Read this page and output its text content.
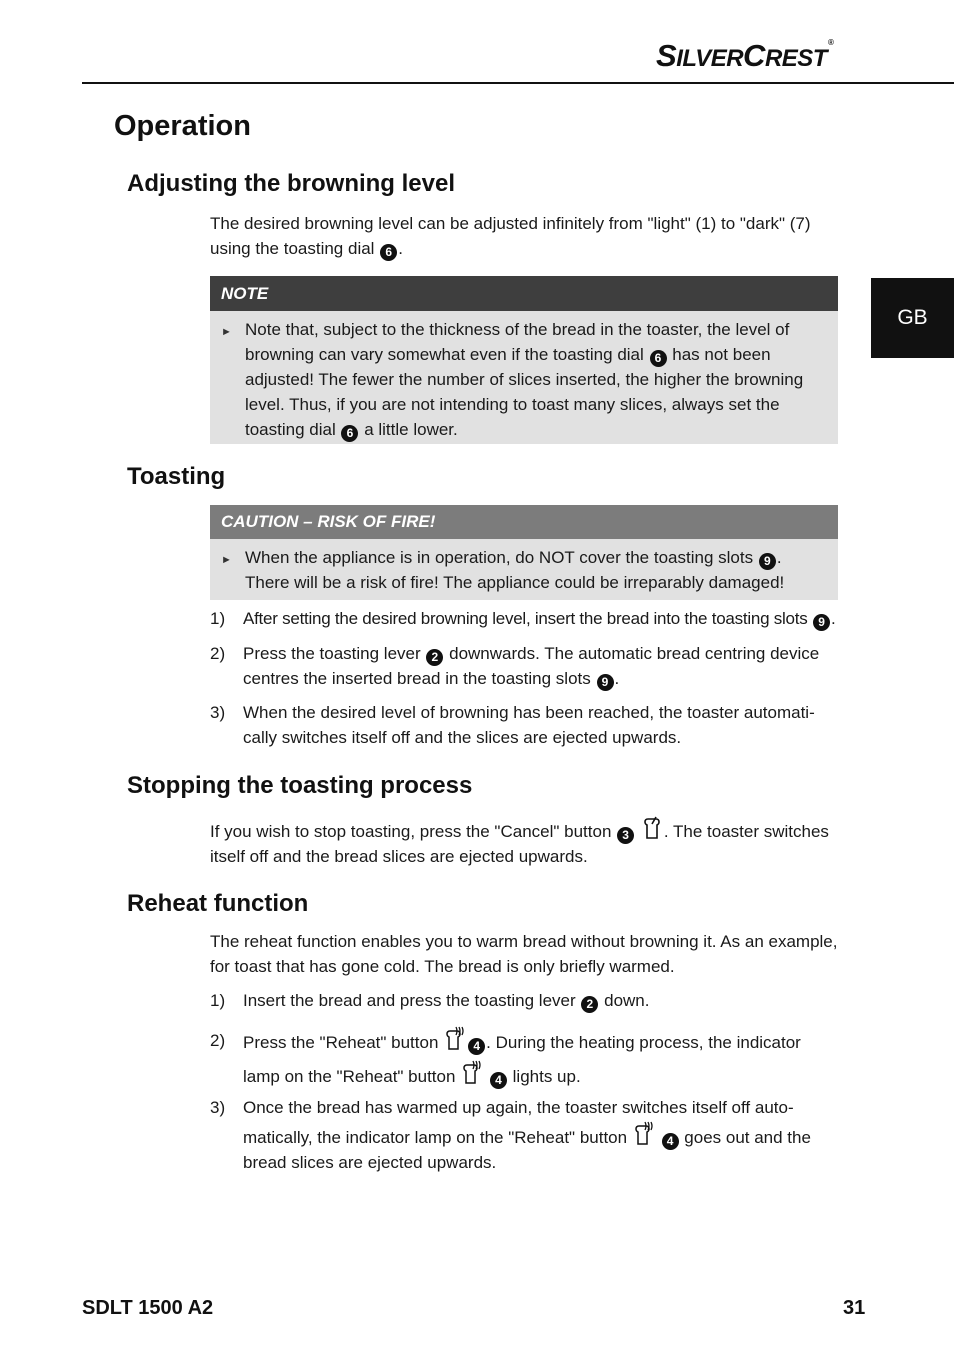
SILVERCREST®
GB
Operation
Adjusting the browning level
The desired browning level can be adjusted infinitely from "light" (1) to "dark" (7) using the toasting dial 6 .
NOTE
► Note that, subject to the thickness of the bread in the toaster, the level of browning can vary somewhat even if the toasting dial 6 has not been adjusted! The fewer the number of slices inserted, the higher the browning level. Thus, if you are not intending to toast many slices, always set the toasting dial 6 a little lower.
Toasting
CAUTION – RISK OF FIRE!
► When the appliance is in operation, do NOT cover the toasting slots 9 . There will be a risk of fire! The appliance could be irreparably damaged!
1) After setting the desired browning level, insert the bread into the toasting slots 9 .
2) Press the toasting lever 2 downwards. The automatic bread centring device centres the inserted bread in the toasting slots 9 .
3) When the desired level of browning has been reached, the toaster automati-cally switches itself off and the slices are ejected upwards.
Stopping the toasting process
If you wish to stop toasting, press the "Cancel" button 3 . The toaster switches itself off and the bread slices are ejected upwards.
Reheat function
The reheat function enables you to warm bread without browning it. As an example, for toast that has gone cold. The bread is only briefly warmed.
1) Insert the bread and press the toasting lever 2 down.
2) Press the "Reheat" button	4 . During the heating process, the indicator lamp on the "Reheat" button	4 lights up.
3) Once the bread has warmed up again, the toaster switches itself off auto-matically, the indicator lamp on the "Reheat" button	4 goes out and the bread slices are ejected upwards.
SDLT 1500 A2	31
